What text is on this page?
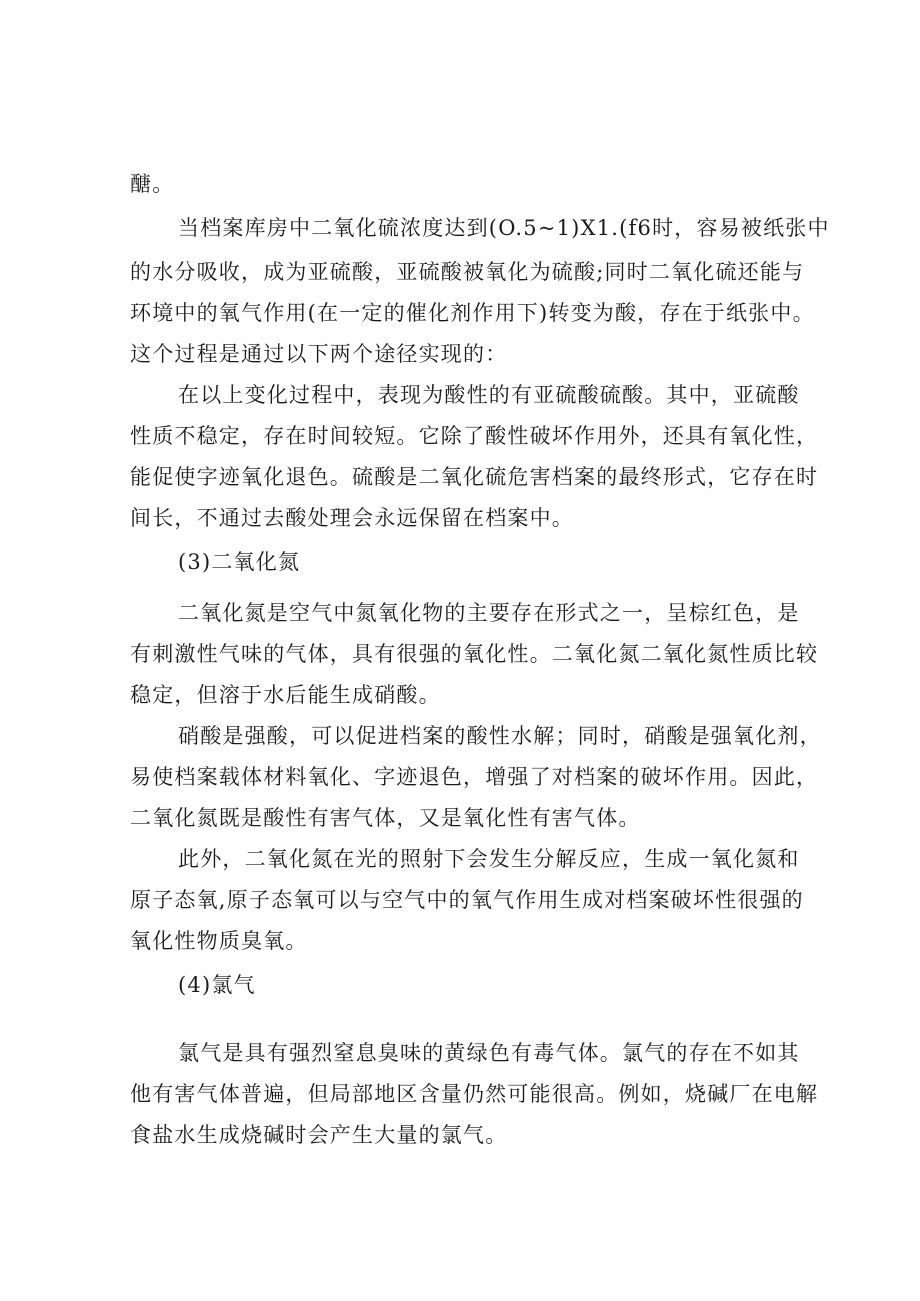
醣。
当档案库房中二氧化硫浓度达到(O.5~1)X1.(f6时，容易被纸张中
的水分吸收，成为亚硫酸，亚硫酸被氧化为硫酸;同时二氧化硫还能与
环境中的氧气作用(在一定的催化剂作用下)转变为酸，存在于纸张中。
这个过程是通过以下两个途径实现的：
在以上变化过程中，表现为酸性的有亚硫酸硫酸。其中，亚硫酸
性质不稳定，存在时间较短。它除了酸性破坏作用外，还具有氧化性，
能促使字迹氧化退色。硫酸是二氧化硫危害档案的最终形式，它存在时
间长，不通过去酸处理会永远保留在档案中。
(3)二氧化氮
二氧化氮是空气中氮氧化物的主要存在形式之一，呈棕红色，是
有刺激性气味的气体，具有很强的氧化性。二氧化氮二氧化氮性质比较
稳定，但溶于水后能生成硝酸。
硝酸是强酸，可以促进档案的酸性水解；同时，硝酸是强氧化剂，
易使档案载体材料氧化、字迹退色，增强了对档案的破坏作用。因此，
二氧化氮既是酸性有害气体，又是氧化性有害气体。
此外，二氧化氮在光的照射下会发生分解反应，生成一氧化氮和
原子态氧,原子态氧可以与空气中的氧气作用生成对档案破坏性很强的
氧化性物质臭氧。
(4)氯气
氯气是具有强烈窒息臭味的黄绿色有毒气体。氯气的存在不如其
他有害气体普遍，但局部地区含量仍然可能很高。例如，烧碱厂在电解
食盐水生成烧碱时会产生大量的氯气。
